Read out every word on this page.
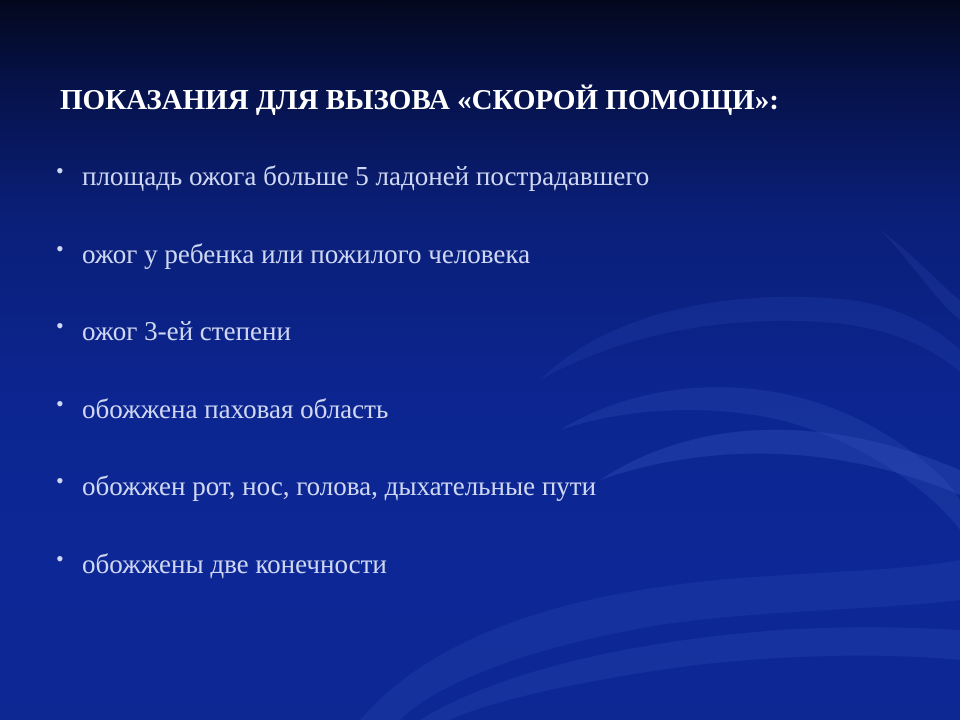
ПОКАЗАНИЯ ДЛЯ ВЫЗОВА «СКОРОЙ ПОМОЩИ»:
• площадь ожога больше 5 ладоней пострадавшего
• ожог у ребенка или пожилого человека
• ожог 3-ей степени
• обожжена паховая область
• обожжен рот, нос, голова, дыхательные пути
• обожжены две конечности
